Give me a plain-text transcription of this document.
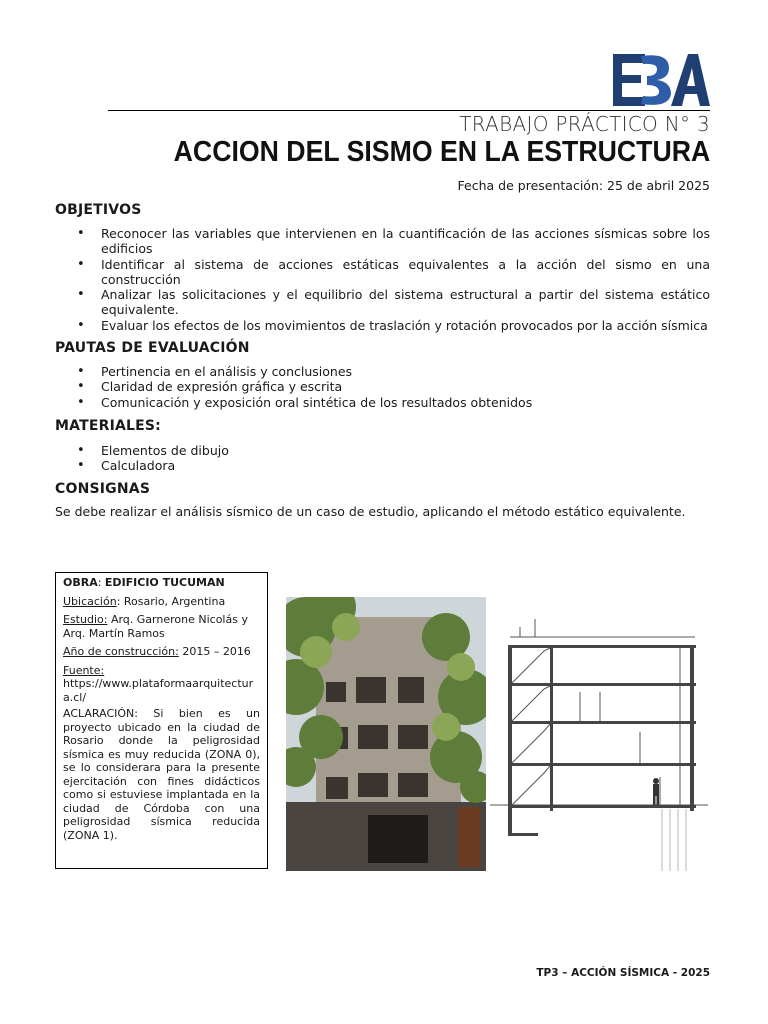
TRABAJO PRÁCTICO N° 3
ACCION DEL SISMO EN LA ESTRUCTURA
Fecha de presentación: 25 de abril 2025
OBJETIVOS
• Reconocer las variables que intervienen en la cuantificación de las acciones sísmicas sobre los edificios
• Identificar al sistema de acciones estáticas equivalentes a la acción del sismo en una construcción
• Analizar las solicitaciones y el equilibrio del sistema estructural a partir del sistema estático equivalente.
• Evaluar los efectos de los movimientos de traslación y rotación provocados por la acción sísmica
PAUTAS DE EVALUACIÓN
• Pertinencia en el análisis y conclusiones
• Claridad de expresión gráfica y escrita
• Comunicación y exposición oral sintética de los resultados obtenidos
MATERIALES:
• Elementos de dibujo
• Calculadora
CONSIGNAS
Se debe realizar el análisis sísmico de un caso de estudio, aplicando el método estático equivalente.

OBRA: EDIFICIO TUCUMAN

Ubicación: Rosario, Argentina

Estudio: Arq. Garnerone Nicolás y Arq. Martín Ramos

Año de construcción: 2015 – 2016

Fuente:
https://www.plataformaarquitectura.cl/

ACLARACIÓN: Si bien es un proyecto ubicado en la ciudad de Rosario donde la peligrosidad sísmica es muy reducida (ZONA 0), se lo considerara para la presente ejercitación con fines didácticos como si estuviese implantada en la ciudad de Córdoba con una peligrosidad sísmica reducida (ZONA 1).

TP3 – ACCIÓN SÍSMICA - 2025
